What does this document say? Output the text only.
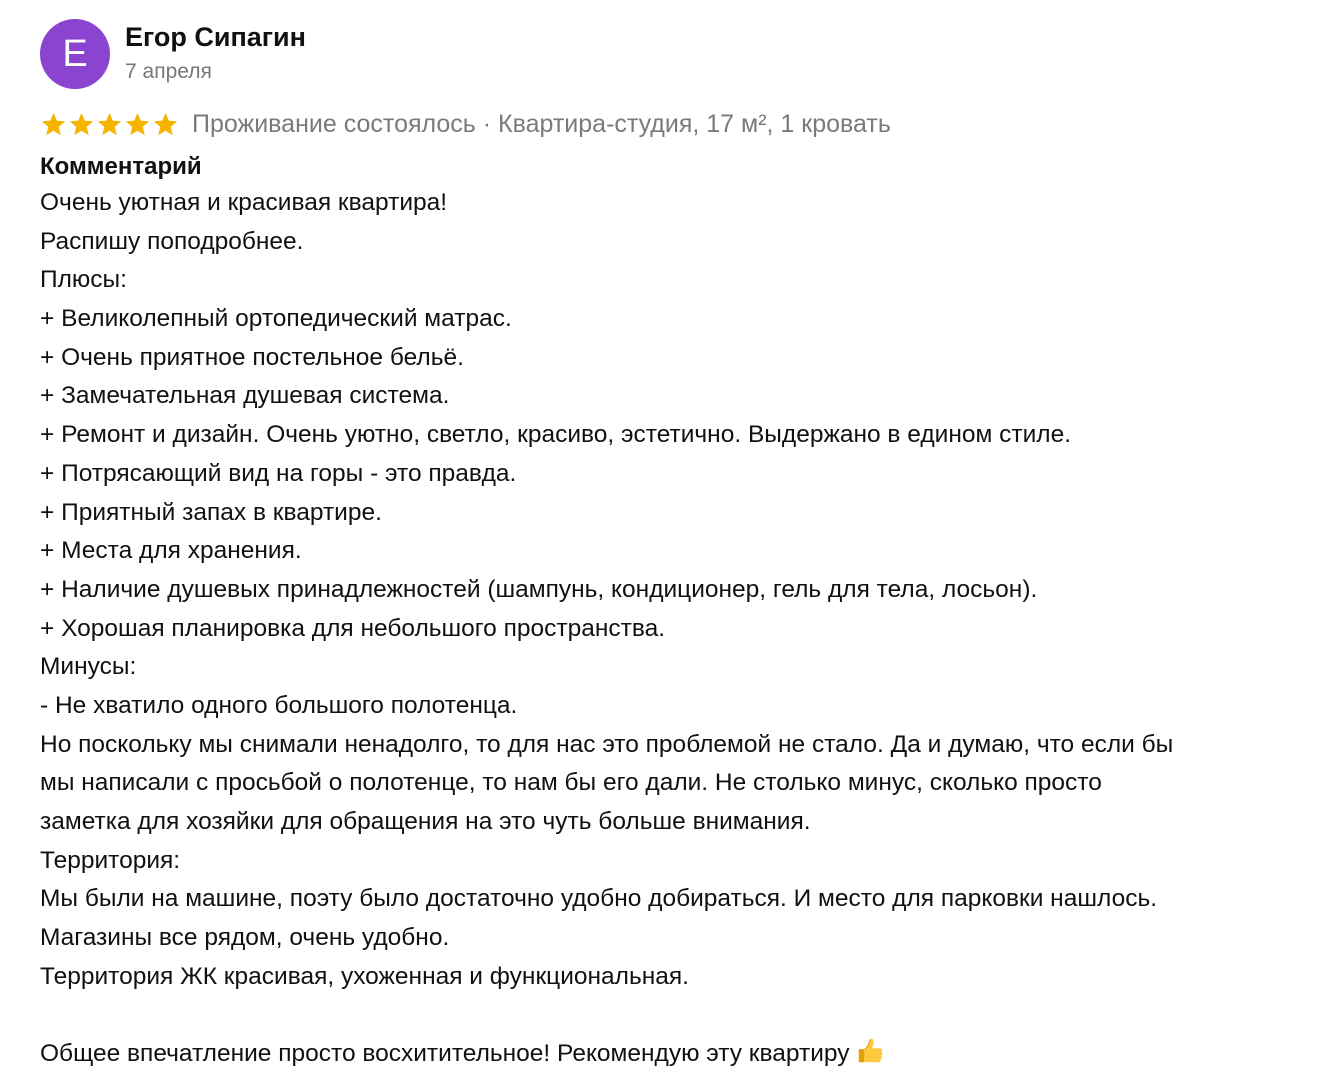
Е	Егор Сипагин
7 апреля
Проживание состоялось · Квартира-студия, 17 м², 1 кровать
Комментарий
Очень уютная и красивая квартира!
Распишу поподробнее.
Плюсы:
+ Великолепный ортопедический матрас.
+ Очень приятное постельное бельё.
+ Замечательная душевая система.
+ Ремонт и дизайн. Очень уютно, светло, красиво, эстетично. Выдержано в едином стиле.
+ Потрясающий вид на горы - это правда.
+ Приятный запах в квартире.
+ Места для хранения.
+ Наличие душевых принадлежностей (шампунь, кондиционер, гель для тела, лосьон).
+ Хорошая планировка для небольшого пространства.
Минусы:
- Не хватило одного большого полотенца.
Но поскольку мы снимали ненадолго, то для нас это проблемой не стало. Да и думаю, что если бы
мы написали с просьбой о полотенце, то нам бы его дали. Не столько минус, сколько просто
заметка для хозяйки для обращения на это чуть больше внимания.
Территория:
Мы были на машине, поэту было достаточно удобно добираться. И место для парковки нашлось.
Магазины все рядом, очень удобно.
Территория ЖК красивая, ухоженная и функциональная.
Общее впечатление просто восхитительное! Рекомендую эту квартиру
